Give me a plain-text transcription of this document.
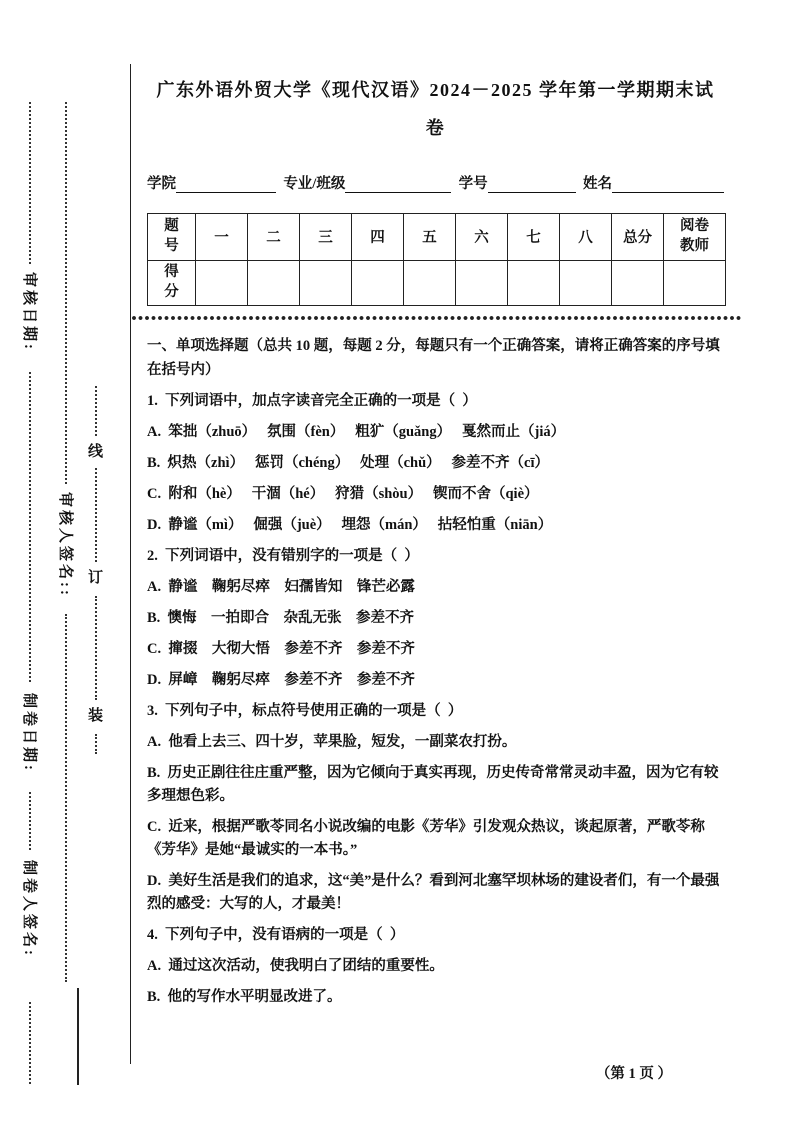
审核日期:
制卷日期:
制卷人签名:
审核人签名::
线
订
装
广东外语外贸大学《现代汉语》2024－2025 学年第一学期期末试卷
学院	专业/班级	学号	姓名
题号	一	二	三	四	五	六	七	八	总分	阅卷教师
得分										

一、单项选择题（总共 10 题，每题 2 分，每题只有一个正确答案，请将正确答案的序号填在括号内）

1.  下列词语中，加点字读音完全正确的一项是（  ）

A.  笨拙（zhuō）　 氛围（fèn）　 粗犷（guǎng）　 戛然而止（jiá）

B.  炽热（zhì）　 惩罚（chéng）　 处理（chǔ）　 参差不齐（cī）

C.  附和（hè）　 干涸（hé）　 狩猎（shòu）　 锲而不舍（qiè）

D.  静谧（mì）　 倔强（juè）　 埋怨（mán）　 拈轻怕重（niān）

2.  下列词语中，没有错别字的一项是（  ）

A.  静谧　鞠躬尽瘁　妇孺皆知　锋芒必露

B.  懊悔　一拍即合　杂乱无张　参差不齐

C.  撺掇　大彻大悟　参差不齐　参差不齐

D.  屏嶂　鞠躬尽瘁　参差不齐　参差不齐

3.  下列句子中，标点符号使用正确的一项是（  ）

A.  他看上去三、四十岁，苹果脸，短发，一副菜农打扮。

B.  历史正剧往往庄重严整，因为它倾向于真实再现，历史传奇常常灵动丰盈，因为它有较多理想色彩。

C.  近来，根据严歌苓同名小说改编的电影《芳华》引发观众热议，谈起原著，严歌苓称《芳华》是她“最诚实的一本书。”

D.  美好生活是我们的追求，这“美”是什么？看到河北塞罕坝林场的建设者们，有一个最强烈的感受：大写的人，才最美！

4.  下列句子中，没有语病的一项是（  ）

A.  通过这次活动，使我明白了团结的重要性。

B.  他的写作水平明显改进了。

（第 1 页 ）
